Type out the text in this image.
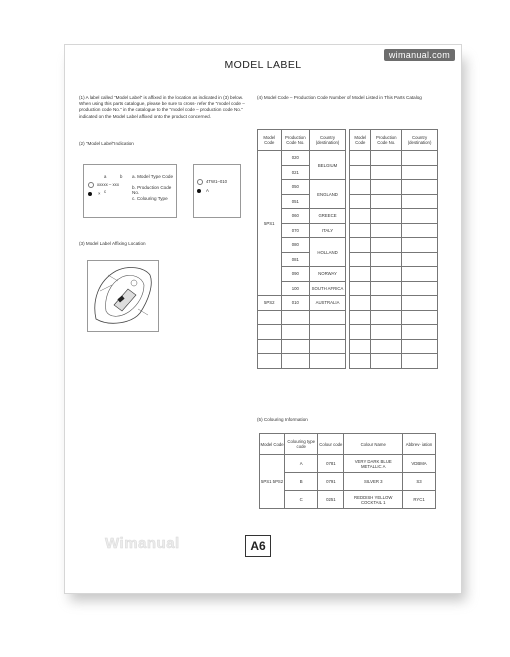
wimanual.com
MODEL LABEL
(1) A label called "Model Label" is affixed in the location as indicated in (3) below. When using this parts catalogue, please be sure to cross- refer the "model code – production code No." in the catalogue to the "model code – production code No." indicated on the Model Label affixed onto the product concerned.
(2) "Model Label"Indication
a	b
xxxxx – xxx
× c
a. Model Type Code
b. Production Code No.
c. Colouring Type
4TW1–010
A
(3) Model Label Affixing Location
(4) Model Code – Production Code Number of Model Listed in This Parts Catalog
Model Code	Production Code No.	Country (destination)		Model Code	Production Code No.	Country (destination)
5PS1	020	BELGIUM				
	021					
	050	ENGLAND				
	051					
	060	GREECE				
	070	ITALY				
	080	HOLLAND				
	081					
	090	NORWAY				
	100	SOUTH AFRICA				
5PS2	010	AUSTRALIA				

(5) Colouring Information
Model Code	Colouring type code	Colour code	Colour Name	Abbrev- iation
5PS1 5PS2	A	0781	VERY DARK BLUE METALLIC A	VDBMA
	B	0791	SILVER 3	S3
	C	0251	REDDISH YELLOW COCKTAIL 1	RYC1
Wimanual	A6
